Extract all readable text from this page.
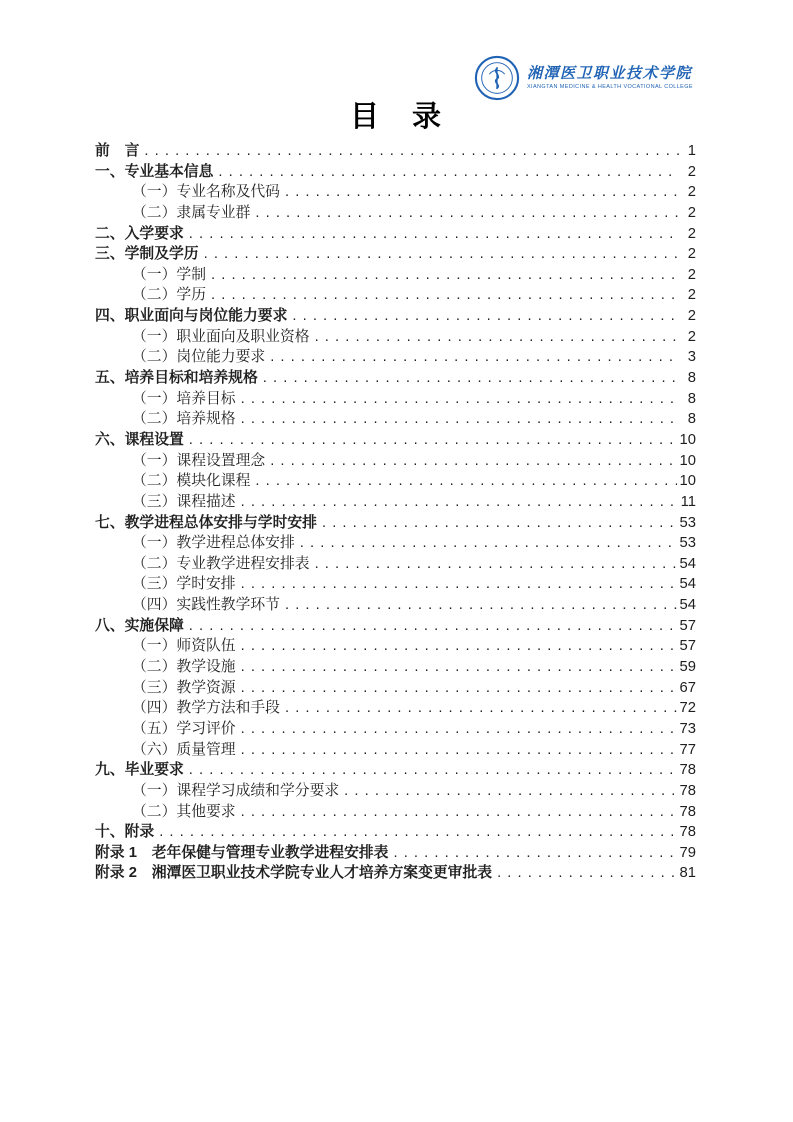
湘潭医卫职业技术学院
XIANGTAN MEDICINE & HEALTH VOCATIONAL COLLEGE
目　录
前　言 . . .	1
一、专业基本信息 . . .	2
（一）专业名称及代码 . . .	2
（二）隶属专业群 . . .	2
二、入学要求 . . .	2
三、学制及学历 . . .	2
（一）学制 . . .	2
（二）学历 . . .	2
四、职业面向与岗位能力要求 . . .	2
（一）职业面向及职业资格 . . .	2
（二）岗位能力要求 . . .	3
五、培养目标和培养规格 . . .	8
（一）培养目标 . . .	8
（二）培养规格 . . .	8
六、课程设置 . . .	10
（一）课程设置理念 . . .	10
（二）模块化课程 . . .	10
（三）课程描述 . . .	11
七、教学进程总体安排与学时安排 . . .	53
（一）教学进程总体安排 . . .	53
（二）专业教学进程安排表 . . .	54
（三）学时安排 . . .	54
（四）实践性教学环节 . . .	54
八、实施保障 . . .	57
（一）师资队伍 . . .	57
（二）教学设施 . . .	59
（三）教学资源 . . .	67
（四）教学方法和手段 . . .	72
（五）学习评价 . . .	73
（六）质量管理 . . .	77
九、毕业要求 . . .	78
（一）课程学习成绩和学分要求 . . .	78
（二）其他要求 . . .	78
十、附录 . . .	78
附录 1　老年保健与管理专业教学进程安排表 . . .	79
附录 2　湘潭医卫职业技术学院专业人才培养方案变更审批表 . . .	81
